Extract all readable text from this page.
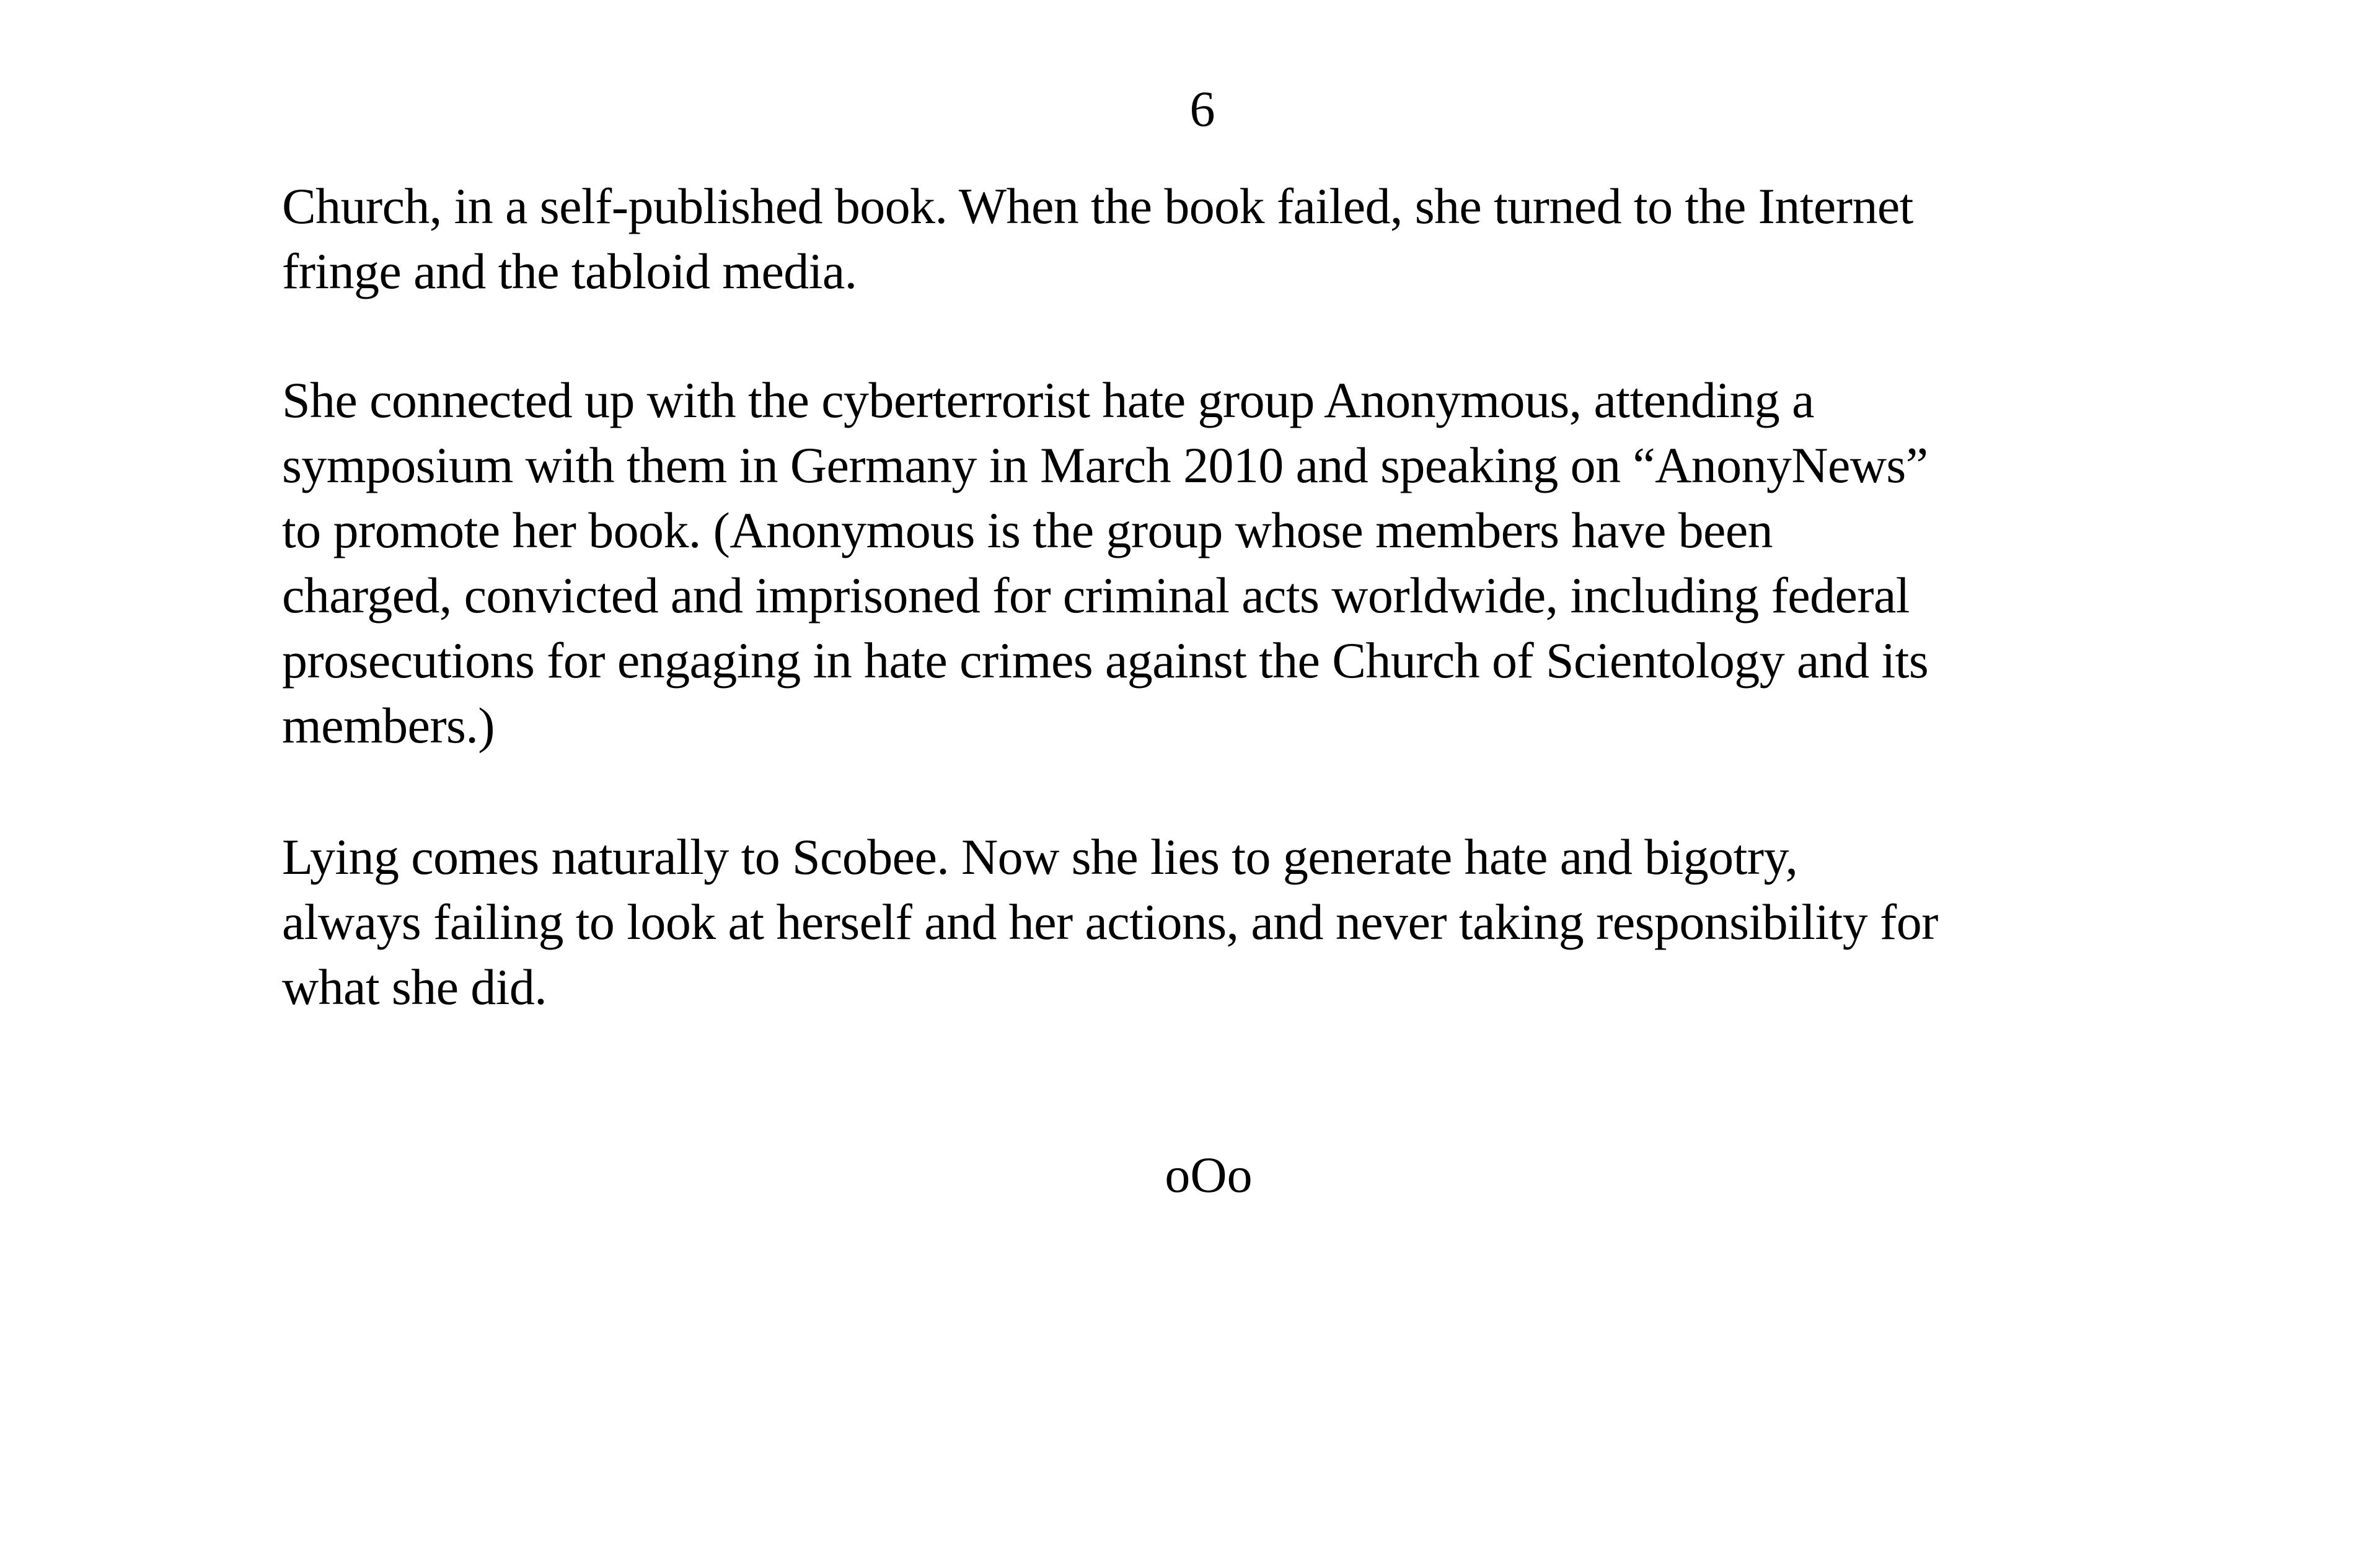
6

Church, in a self-published book. When the book failed, she turned to the Internet
fringe and the tabloid media.

She connected up with the cyberterrorist hate group Anonymous, attending a
symposium with them in Germany in March 2010 and speaking on “AnonyNews”
to promote her book. (Anonymous is the group whose members have been
charged, convicted and imprisoned for criminal acts worldwide, including federal
prosecutions for engaging in hate crimes against the Church of Scientology and its
members.)

Lying comes naturally to Scobee. Now she lies to generate hate and bigotry,
always failing to look at herself and her actions, and never taking responsibility for
what she did.

oOo
